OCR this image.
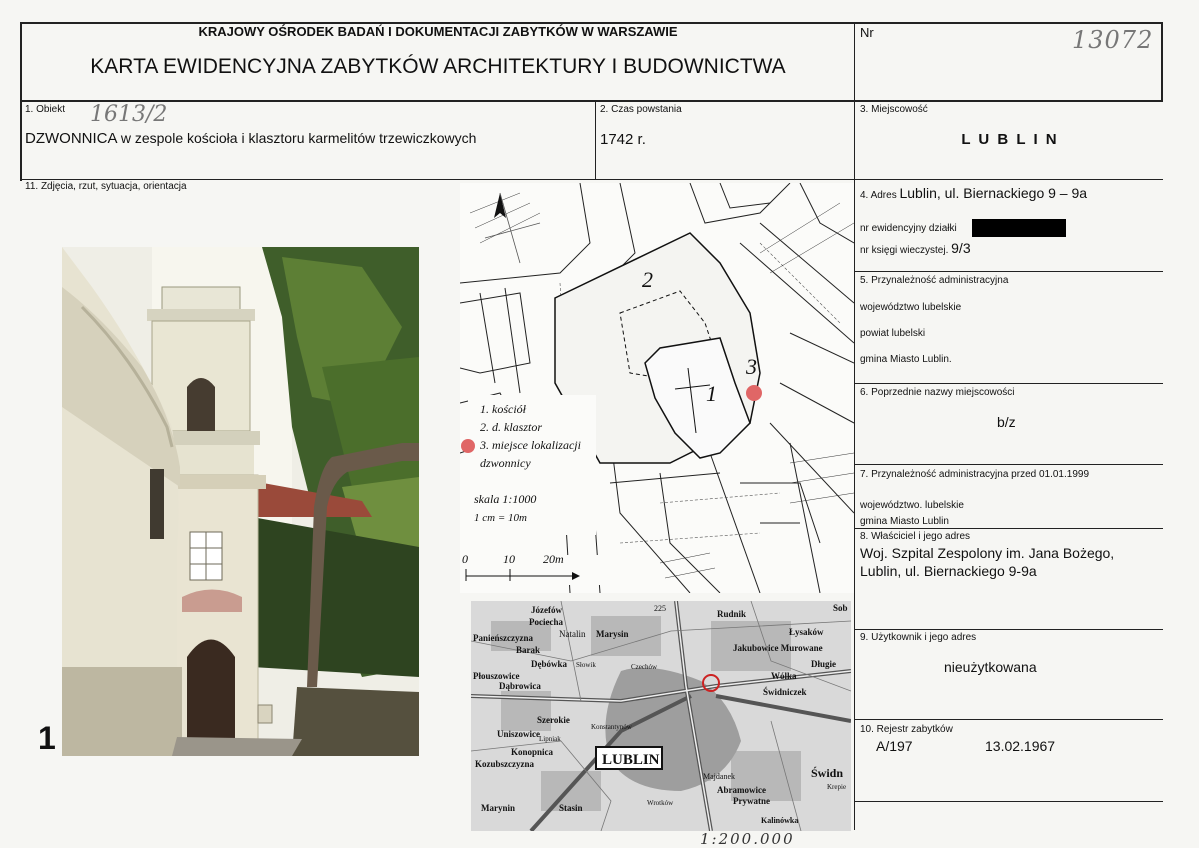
KRAJOWY OŚRODEK BADAŃ I DOKUMENTACJI ZABYTKÓW W WARSZAWIE
KARTA EWIDENCYJNA ZABYTKÓW ARCHITEKTURY I BUDOWNICTWA
Nr	13072
1. Obiekt 1613/2
DZWONNICA w zespole kościoła i klasztoru karmelitów trzewiczkowych
2. Czas powstania
1742 r.
3. Miejscowość
L U B L I N
11. Zdjęcia, rzut, sytuacja, orientacja
1
2
1
3
1. kościół
2. d. klasztor
3. miejsce lokalizacji
dzwonnicy
skala 1:1000
1 cm = 10m
0	10 20m
Józefów
Pociecha
Natalin Marysin
Rudnik
Łysaków
Panieńszczyzna
Barak
Dębówka Słowik	Czechów
Jakubowice Murowane
Długie
Płouszowice
Dąbrowica
Wólka
Świdniczek
Szerokie
Konstantynów
Uniszowice Lipniak
Konopnica
Kozubszczyzna
Majdanek
Abramowice
Prywatne
Marynin	Stasin	Wrotków
Kalinówka
Świdn
Sob
Krepie
225
LUBLIN
1:200.000
4. Adres Lublin, ul. Biernackiego 9 – 9a
nr ewidencyjny działki
nr księgi wieczystej. 9/3
5. Przynależność administracyjna
województwo lubelskie
powiat lubelski
gmina Miasto Lublin.
6. Poprzednie nazwy miejscowości
b/z
7. Przynależność administracyjna przed 01.01.1999
województwo. lubelskie
gmina Miasto Lublin
8. Właściciel i jego adres
Woj. Szpital Zespolony im. Jana Bożego,
Lublin, ul. Biernackiego 9-9a
9. Użytkownik i jego adres
nieużytkowana
10. Rejestr zabytków
A/197	13.02.1967
